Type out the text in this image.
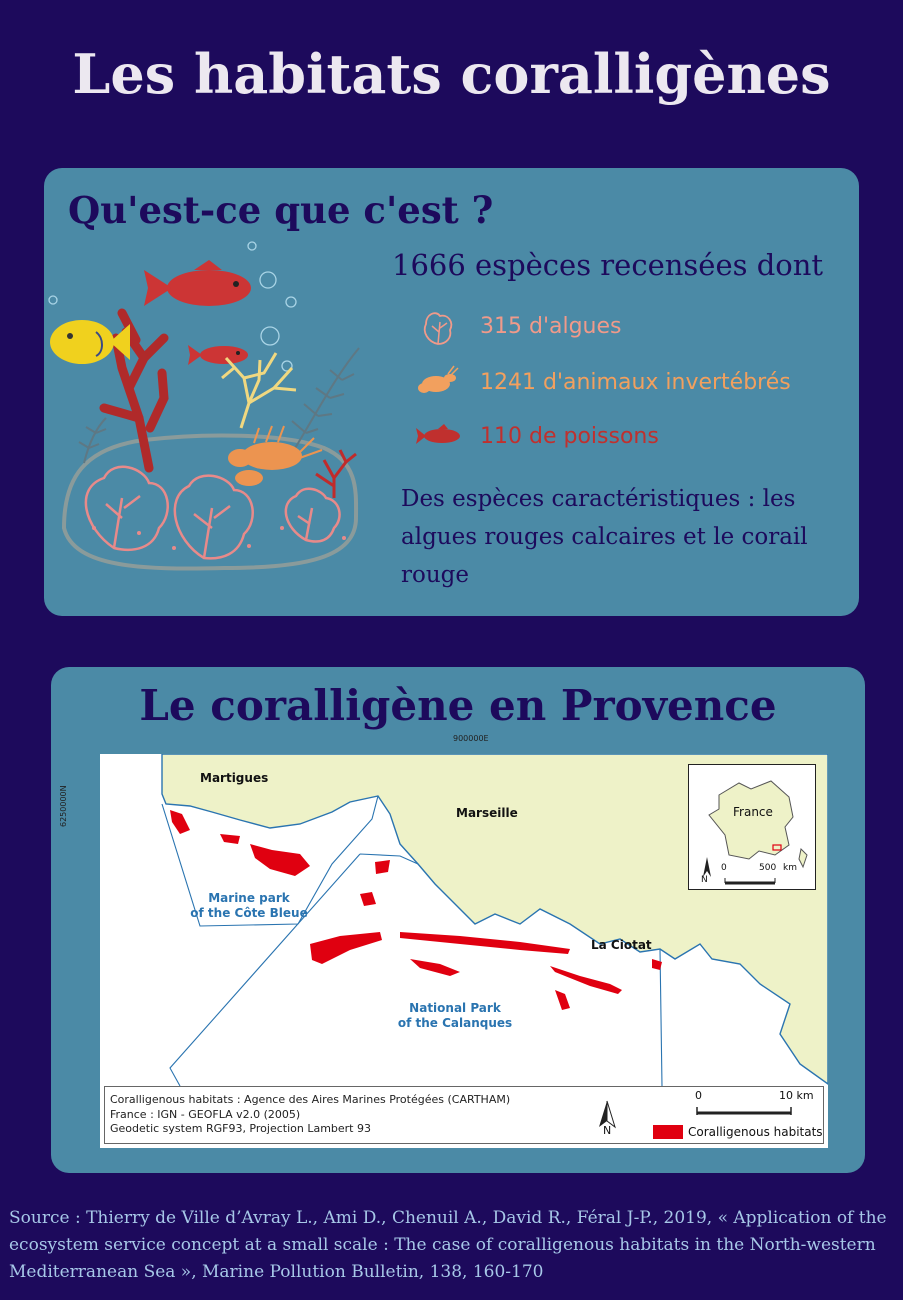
Les habitats coralligènes
Qu'est-ce que c'est ?
1666 espèces recensées dont
315 d'algues
1241 d'animaux invertébrés
110 de poissons
Des espèces caractéristiques : les algues rouges calcaires et le corail rouge
Le coralligène en Provence
900000E
6250000N
Martigues
Marseille
La Ciotat
Marine park
of the Côte Bleue
National Park
of the Calanques
France
N
0	500 km
Coralligenous habitats : Agence des Aires Marines Protégées (CARTHAM)
France : IGN - GEOFLA v2.0 (2005)
Geodetic system RGF93, Projection Lambert 93	N
0	10 km
Coralligenous habitats
Source : Thierry de Ville d’Avray L., Ami D., Chenuil A., David R., Féral J-P., 2019, « Application of the ecosystem service concept at a small scale : The case of coralligenous habitats in the North-western Mediterranean Sea », Marine Pollution Bulletin, 138, 160-170
